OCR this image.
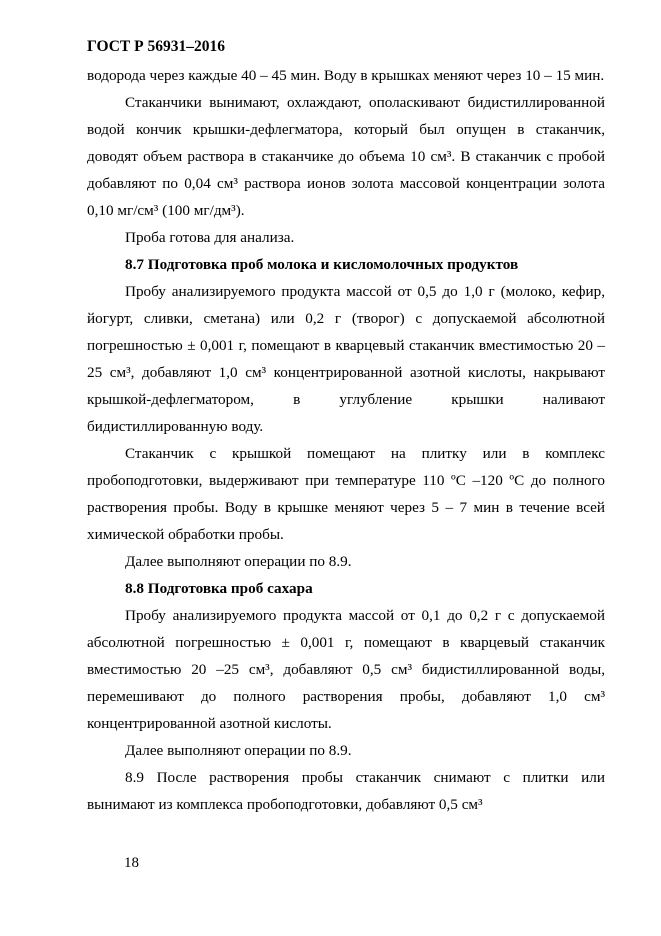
ГОСТ Р 56931–2016

водорода через каждые 40 – 45 мин. Воду в крышках меняют через 10 – 15 мин.

Стаканчики вынимают, охлаждают, ополаскивают бидистиллированной водой кончик крышки-дефлегматора, который был опущен в стаканчик, доводят объем раствора в стаканчике до объема 10 см³. В стаканчик с пробой добавляют по 0,04 см³ раствора ионов золота массовой концентрации золота 0,10 мг/см³ (100 мг/дм³).

Проба готова для анализа.

8.7 Подготовка проб молока и кисломолочных продуктов

Пробу анализируемого продукта массой от 0,5 до 1,0 г (молоко, кефир, йогурт, сливки, сметана) или 0,2 г (творог) с допускаемой абсолютной погрешностью ± 0,001 г, помещают в кварцевый стаканчик вместимостью 20 – 25 см³, добавляют 1,0 см³ концентрированной азотной кислоты, накрывают крышкой-дефлегматором, в углубление крышки наливают бидистиллированную воду.

Стаканчик с крышкой помещают на плитку или в комплекс пробоподготовки, выдерживают при температуре 110 ºС –120 ºС до полного растворения пробы. Воду в крышке меняют через 5 – 7 мин в течение всей химической обработки пробы.

Далее выполняют операции по 8.9.

8.8 Подготовка проб сахара

Пробу анализируемого продукта массой от 0,1 до 0,2 г с допускаемой абсолютной погрешностью ± 0,001 г, помещают в кварцевый стаканчик вместимостью 20 –25 см³, добавляют 0,5 см³ бидистиллированной воды, перемешивают до полного растворения пробы, добавляют 1,0 см³ концентрированной азотной кислоты.

Далее выполняют операции по 8.9.

8.9 После растворения пробы стаканчик снимают с плитки или вынимают из комплекса пробоподготовки, добавляют 0,5 см³

18
